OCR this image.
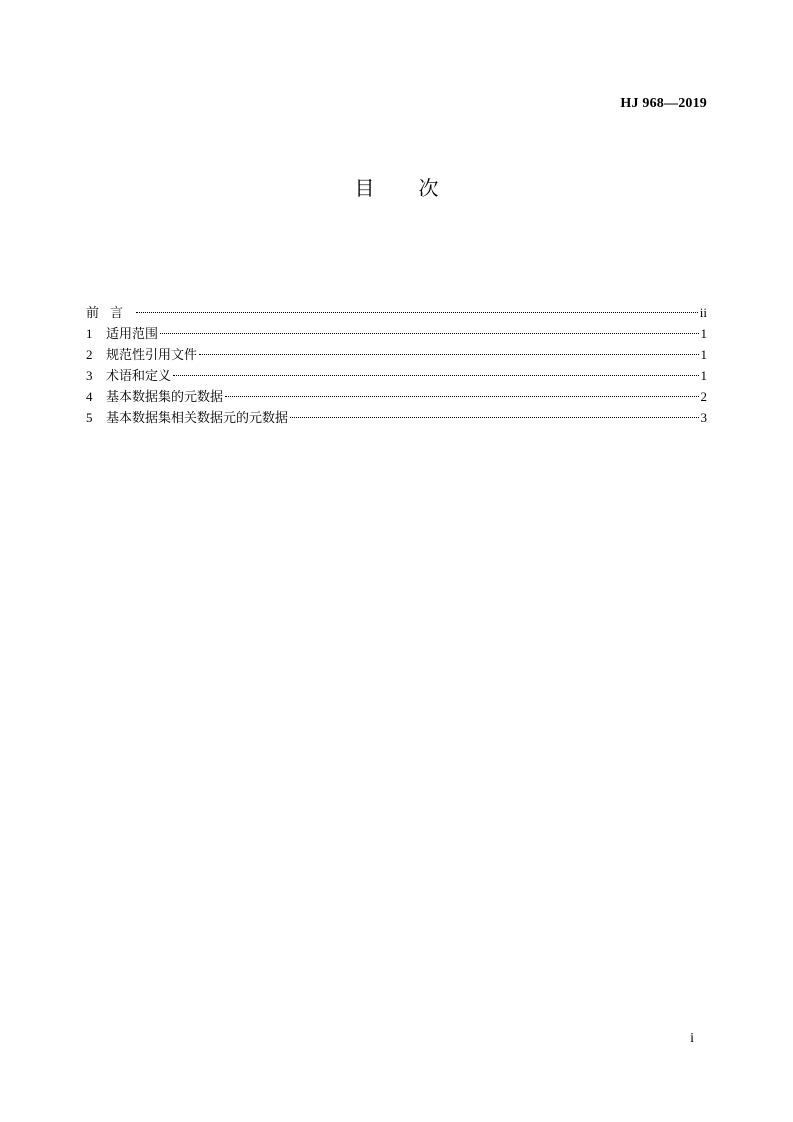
HJ 968—2019
目 次
前言	ii
1	适用范围	1
2	规范性引用文件	1
3	术语和定义	1
4	基本数据集的元数据	2
5	基本数据集相关数据元的元数据	3
i
